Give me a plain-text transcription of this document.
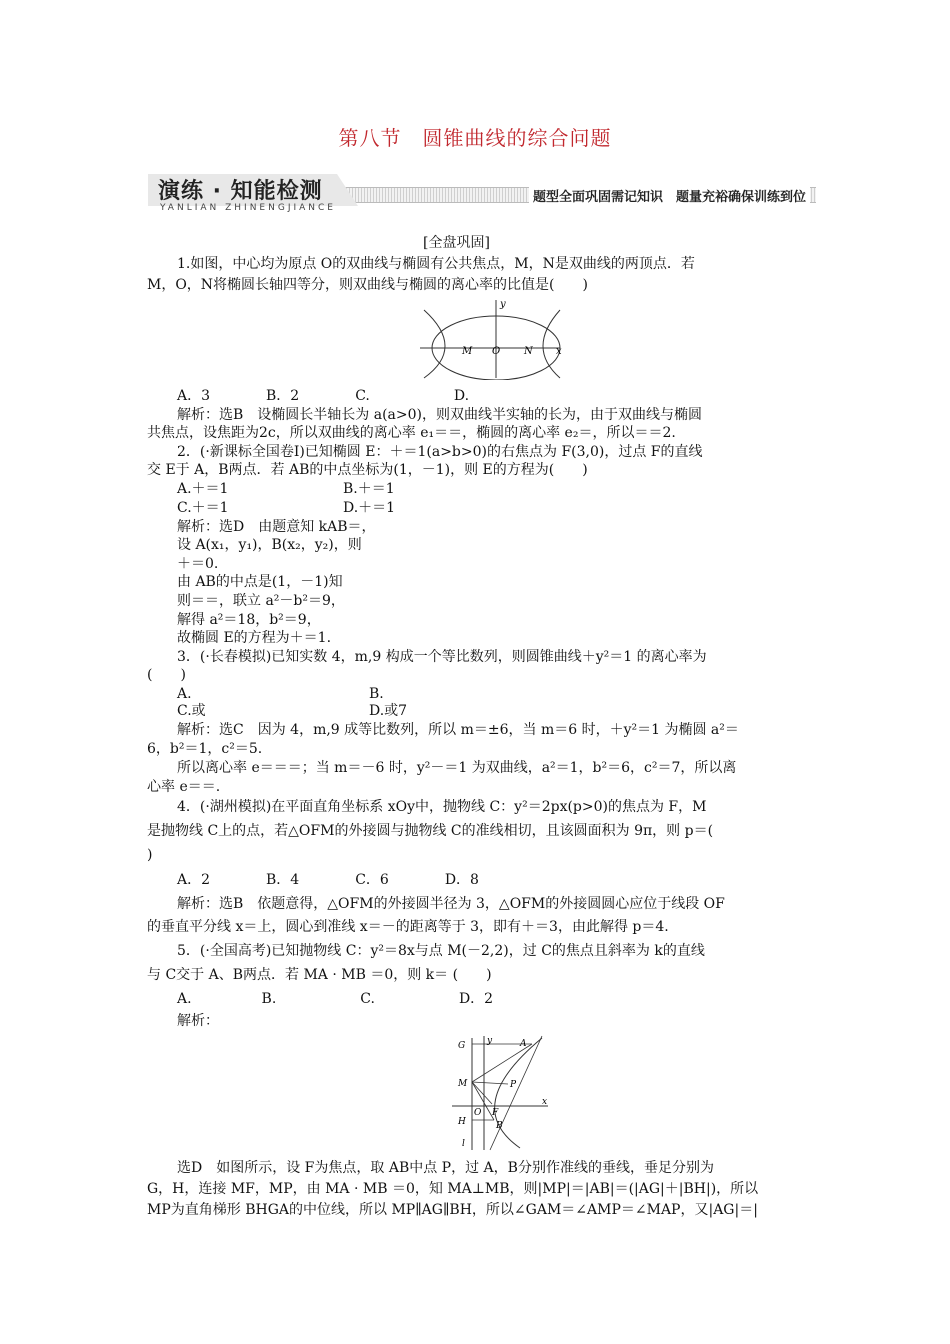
第八节　圆锥曲线的综合问题
演练 · 知能检测
YANLIAN ZHINENGJIANCE
题型全面巩固需记知识　题量充裕确保训练到位
[全盘巩固]
1.如图，中心均为原点 O的双曲线与椭圆有公共焦点，M，N是双曲线的两顶点．若
M，O，N将椭圆长轴四等分，则双曲线与椭圆的离心率的比值是(　　)
y
M O N x
A．3　　　　B．2　　　　C.　　　　　　D.
解析：选B　设椭圆长半轴长为 a(a>0)，则双曲线半实轴的长为，由于双曲线与椭圆
共焦点，设焦距为2c，所以双曲线的离心率 e₁＝＝，椭圆的离心率 e₂＝，所以＝＝2.
2．(·新课标全国卷Ⅰ)已知椭圆 E：＋＝1(a>b>0)的右焦点为 F(3,0)，过点 F的直线
交 E于 A，B两点．若 AB的中点坐标为(1，－1)，则 E的方程为(　　)
A.＋＝1	B.＋＝1
C.＋＝1	D.＋＝1
解析：选D　由题意知 kAB＝，
设 A(x₁，y₁)，B(x₂，y₂)，则
＋＝0.
由 AB的中点是(1，－1)知
则＝＝，联立 a²－b²＝9，
解得 a²＝18，b²＝9，
故椭圆 E的方程为＋＝1.
3．(·长春模拟)已知实数 4，m,9 构成一个等比数列，则圆锥曲线＋y²＝1 的离心率为
(　　)
A.	B.
C.或	D.或7
解析：选C　因为 4，m,9 成等比数列，所以 m＝±6，当 m＝6 时，＋y²＝1 为椭圆 a²＝
6，b²＝1，c²＝5.
所以离心率 e＝＝＝；当 m＝－6 时，y²－＝1 为双曲线，a²＝1，b²＝6，c²＝7，所以离
心率 e＝＝.
4．(·湖州模拟)在平面直角坐标系 xOy中，抛物线 C：y²＝2px(p>0)的焦点为 F，M
是抛物线 C上的点，若△OFM的外接圆与抛物线 C的准线相切，且该圆面积为 9π，则 p＝(
)
A．2　　　　B．4　　　　C．6　　　　D．8
解析：选B　依题意得，△OFM的外接圆半径为 3，△OFM的外接圆圆心应位于线段 OF
的垂直平分线 x＝上，圆心到准线 x＝－的距离等于 3，即有＋＝3，由此解得 p＝4.
5．(·全国高考)已知抛物线 C：y²＝8x与点 M(－2,2)，过 C的焦点且斜率为 k的直线
与 C交于 A、B两点．若 MA · MB ＝0，则 k＝ (　　)
A.　　　　　B.　　　　　　C.　　　　　　D．2
解析：
G y	A
M	P
O F
x
H	B
l
选D　如图所示，设 F为焦点，取 AB中点 P，过 A，B分别作准线的垂线，垂足分别为
G，H，连接 MF，MP，由 MA · MB ＝0，知 MA⊥MB，则|MP|＝|AB|＝(|AG|＋|BH|)，所以
MP为直角梯形 BHGA的中位线，所以 MP∥AG∥BH，所以∠GAM＝∠AMP＝∠MAP，又|AG|＝|
